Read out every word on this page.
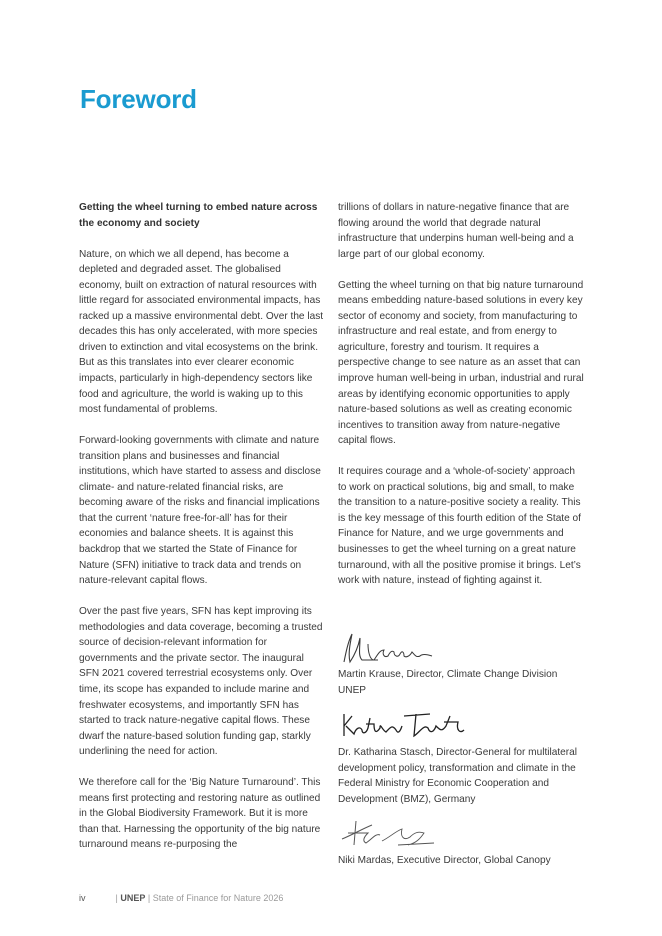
Foreword

Getting the wheel turning to embed nature across the economy and society

Nature, on which we all depend, has become a depleted and degraded asset. The globalised economy, built on extraction of natural resources with little regard for associated environmental impacts, has racked up a massive environmental debt. Over the last decades this has only accelerated, with more species driven to extinction and vital ecosystems on the brink. But as this translates into ever clearer economic impacts, particularly in high-dependency sectors like food and agriculture, the world is waking up to this most fundamental of problems.

Forward-looking governments with climate and nature transition plans and businesses and financial institutions, which have started to assess and disclose climate- and nature-related financial risks, are becoming aware of the risks and financial implications that the current ‘nature free-for-all’ has for their economies and balance sheets. It is against this backdrop that we started the State of Finance for Nature (SFN) initiative to track data and trends on nature-relevant capital flows.

Over the past five years, SFN has kept improving its methodologies and data coverage, becoming a trusted source of decision-relevant information for governments and the private sector. The inaugural SFN 2021 covered terrestrial ecosystems only. Over time, its scope has expanded to include marine and freshwater ecosystems, and importantly SFN has started to track nature-negative capital flows. These dwarf the nature-based solution funding gap, starkly underlining the need for action.

We therefore call for the ‘Big Nature Turnaround’. This means first protecting and restoring nature as outlined in the Global Biodiversity Framework. But it is more than that. Harnessing the opportunity of the big nature turnaround means re-purposing the

trillions of dollars in nature-negative finance that are flowing around the world that degrade natural infrastructure that underpins human well-being and a large part of our global economy.

Getting the wheel turning on that big nature turnaround means embedding nature-based solutions in every key sector of economy and society, from manufacturing to infrastructure and real estate, and from energy to agriculture, forestry and tourism. It requires a perspective change to see nature as an asset that can improve human well-being in urban, industrial and rural areas by identifying economic opportunities to apply nature-based solutions as well as creating economic incentives to transition away from nature-negative capital flows.

It requires courage and a ‘whole-of-society’ approach to work on practical solutions, big and small, to make the transition to a nature-positive society a reality. This is the key message of this fourth edition of the State of Finance for Nature, and we urge governments and businesses to get the wheel turning on a great nature turnaround, with all the positive promise it brings. Let’s work with nature, instead of fighting against it.

Martin Krause, Director, Climate Change Division
UNEP
Dr. Katharina Stasch, Director-General for multilateral development policy, transformation and climate in the Federal Ministry for Economic Cooperation and Development (BMZ), Germany
Niki Mardas, Executive Director, Global Canopy
iv	| UNEP | State of Finance for Nature 2026
